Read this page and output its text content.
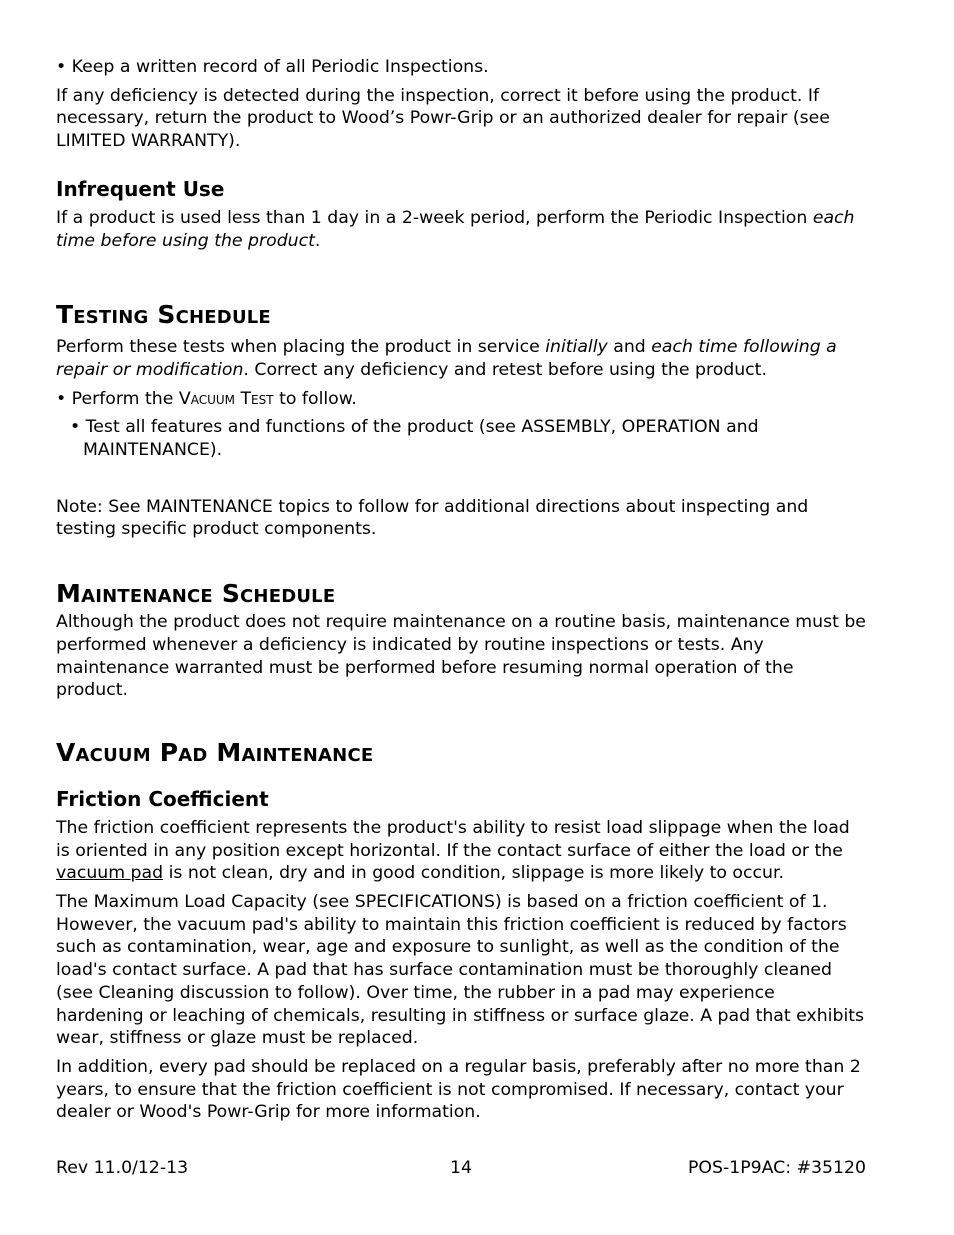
• Keep a written record of all Periodic Inspections.

If any deficiency is detected during the inspection, correct it before using the product. If necessary, return the product to Wood’s Powr-Grip or an authorized dealer for repair (see LIMITED WARRANTY).

Infrequent Use

If a product is used less than 1 day in a 2-week period, perform the Periodic Inspection each time before using the product.

Testing Schedule

Perform these tests when placing the product in service initially and each time following a repair or modification. Correct any deficiency and retest before using the product.

• Perform the Vacuum Test to follow.

• Test all features and functions of the product (see ASSEMBLY, OPERATION and MAINTENANCE).

Note: See MAINTENANCE topics to follow for additional directions about inspecting and testing specific product components.

Maintenance Schedule

Although the product does not require maintenance on a routine basis, maintenance must be performed whenever a deficiency is indicated by routine inspections or tests. Any maintenance warranted must be performed before resuming normal operation of the product.

Vacuum Pad Maintenance
Friction Coefficient

The friction coefficient represents the product's ability to resist load slippage when the load is oriented in any position except horizontal. If the contact surface of either the load or the vacuum pad is not clean, dry and in good condition, slippage is more likely to occur.

The Maximum Load Capacity (see SPECIFICATIONS) is based on a friction coefficient of 1. However, the vacuum pad's ability to maintain this friction coefficient is reduced by factors such as contamination, wear, age and exposure to sunlight, as well as the condition of the load's contact surface. A pad that has surface contamination must be thoroughly cleaned (see Cleaning discussion to follow). Over time, the rubber in a pad may experience hardening or leaching of chemicals, resulting in stiffness or surface glaze. A pad that exhibits wear, stiffness or glaze must be replaced.

In addition, every pad should be replaced on a regular basis, preferably after no more than 2 years, to ensure that the friction coefficient is not compromised. If necessary, contact your dealer or Wood's Powr-Grip for more information.

Rev 11.0/12-13	14	POS-1P9AC: #35120
